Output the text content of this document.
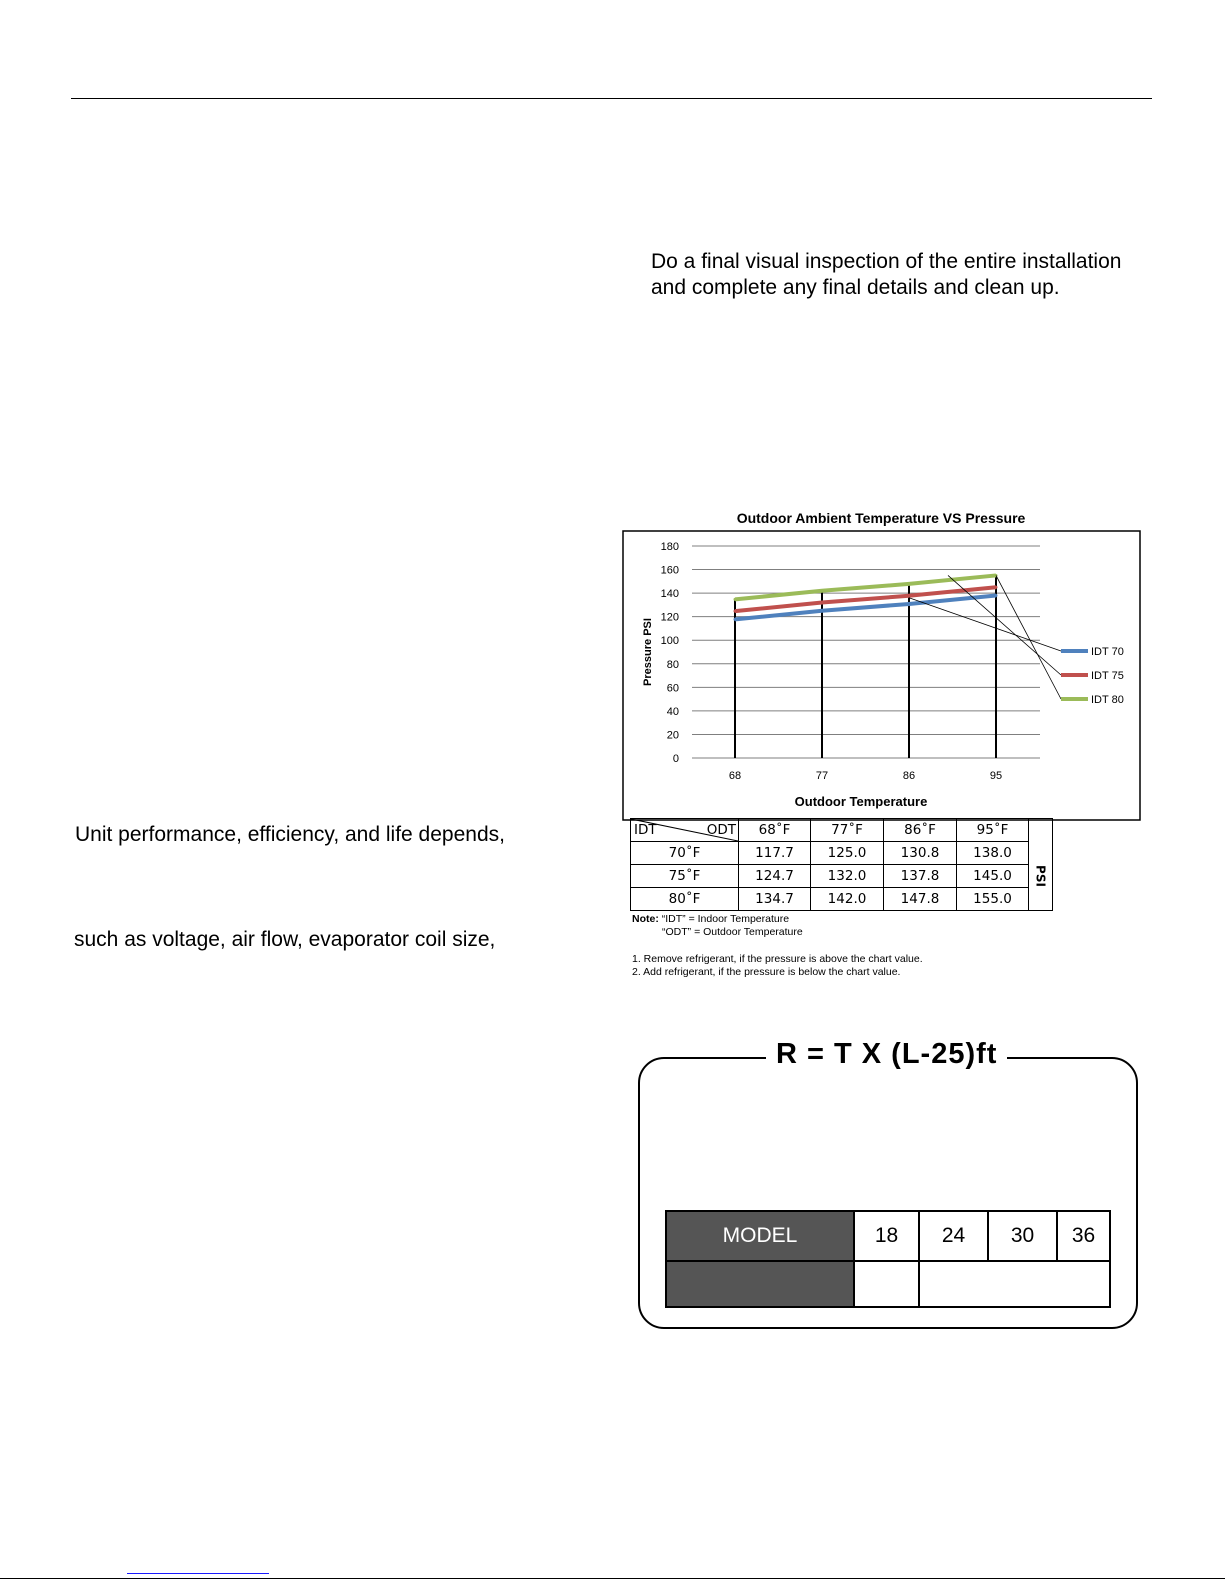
Do a final visual inspection of the entire installation
and complete any final details and clean up.
Unit performance, efficiency, and life depends,
such as voltage, air flow, evaporator coil size,
Outdoor Ambient Temperature VS Pressure
0
20
40
60
80
100
120
140
160
180
68	77	86	95
IDT 70
IDT 75
IDT 80
Outdoor Temperature
Pressure PSI
IDT ODT	68˚F	77˚F	86˚F	95˚F	
70˚F	117.7	125.0	130.8	138.0	PSI

75˚F	124.7	132.0	137.8	145.0	
80˚F	134.7	142.0	147.8	155.0	
Note: “IDT” = Indoor Temperature
“ODT” = Outdoor Temperature
1. Remove refrigerant, if the pressure is above the chart value.
2. Add refrigerant, if the pressure is below the chart value.
R = T X (L-25)ft
MODEL	18	24	30	36
